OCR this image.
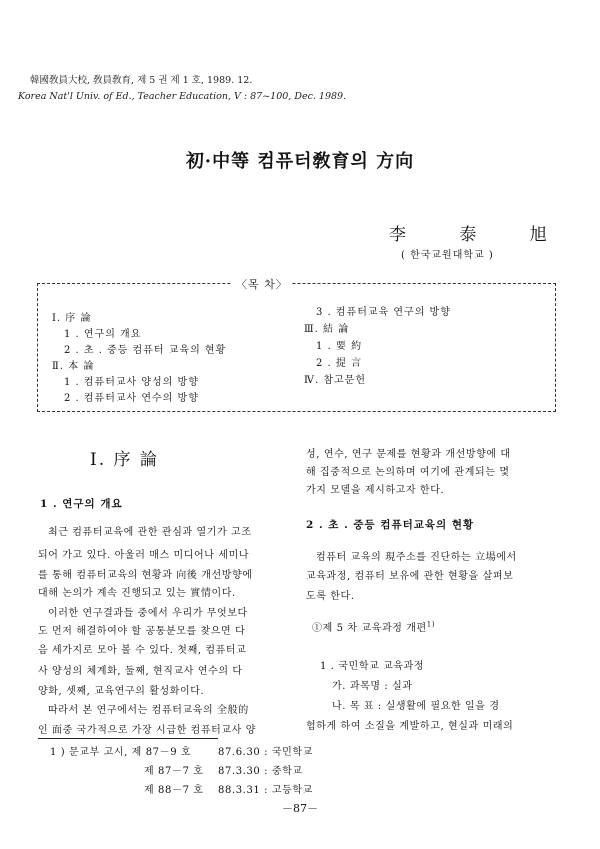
韓國敎員大校, 敎員敎育, 제 5 권 제 1 호, 1989. 12.
Korea Nat'l Univ. of Ed., Teacher Education, V : 87~100, Dec. 1989.
初·中等 컴퓨터敎育의 方向
李 泰 旭
( 한국교원대학교 )
〈목 차〉
Ⅰ. 序 論
1 . 연구의 개요
2 . 초 . 중등 컴퓨터 교육의 현황
Ⅱ. 本 論
1 . 컴퓨터교사 양성의 방향
2 . 컴퓨터교사 연수의 방향
3 . 컴퓨터교육 연구의 방향
Ⅲ. 結 論
1 . 要 約
2 . 提 言
Ⅳ. 참고문헌
Ⅰ. 序 論
1 . 연구의 개요
최근 컴퓨터교육에 관한 관심과 열기가 고조
되어 가고 있다. 아울러 매스 미디어나 세미나
를 통해 컴퓨터교육의 현황과 向後 개선방향에
대해 논의가 계속 진행되고 있는 實情이다.
이러한 연구결과들 중에서 우리가 무엇보다
도 먼저 해결하여야 할 공통분모를 찾으면 다
음 세가지로 모아 볼 수 있다. 첫째, 컴퓨터교
사 양성의 체계화, 둘째, 현직교사 연수의 다
양화, 셋째, 교육연구의 활성화이다.
따라서 본 연구에서는 컴퓨터교육의 全般的
인 面중 국가적으로 가장 시급한 컴퓨터교사 양
성, 연수, 연구 문제를 현황과 개선방향에 대
해 집중적으로 논의하며 여기에 관계되는 몇
가지 모델을 제시하고자 한다.
2 . 초 . 중등 컴퓨터교육의 현황
컴퓨터 교육의 現주소를 진단하는 立場에서
교육과정, 컴퓨터 보유에 관한 현황을 살펴보
도록 한다.
①제 5 차 교육과정 개편$^{1)}$
1 . 국민학교 교육과정
가. 과목명 : 실과
나. 목 표 : 실생활에 필요한 일을 경
험하게 하여 소질을 계발하고, 현실과 미래의
1 ) 문교부 고시, 제 87－9 호	87.6.30 : 국민학교
제 87－7 호 87.3.30 : 중학교
제 88－7 호 88.3.31 : 고등학교
－87－
